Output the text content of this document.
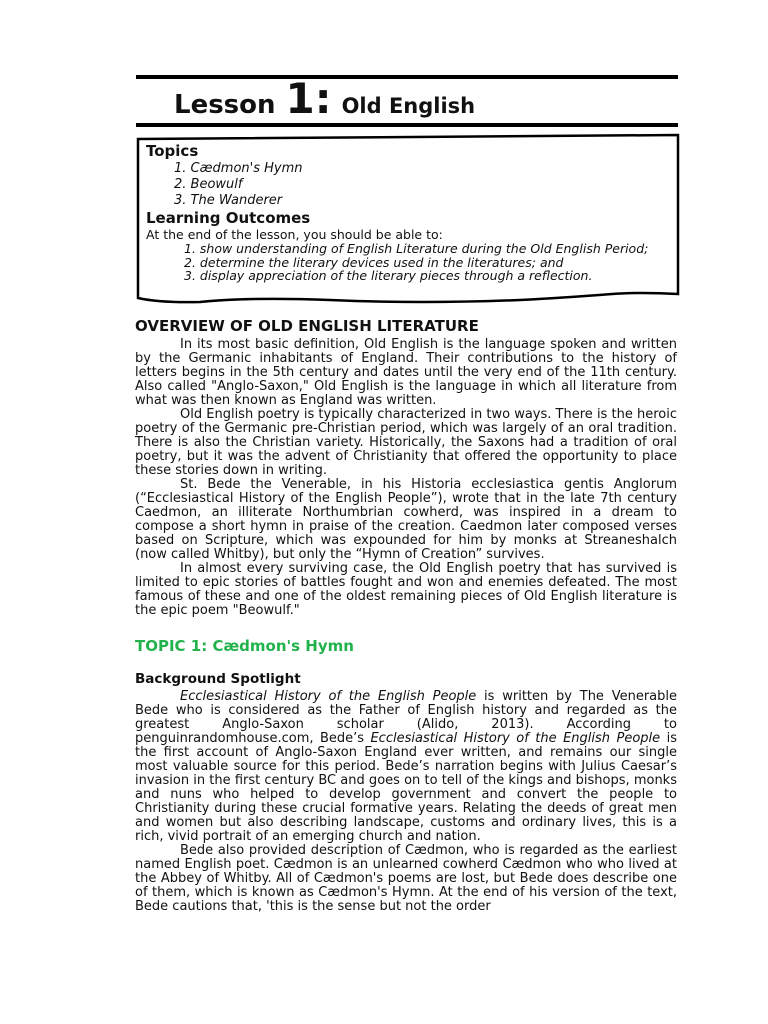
Lesson 1 : Old English
Topics
1. Cædmon's Hymn
2. Beowulf
3. The Wanderer
Learning Outcomes
At the end of the lesson, you should be able to:
1. show understanding of English Literature during the Old English Period;
2. determine the literary devices used in the literatures; and
3. display appreciation of the literary pieces through a reflection.
OVERVIEW OF OLD ENGLISH LITERATURE

In its most basic definition, Old English is the language spoken and written by the Germanic inhabitants of England. Their contributions to the history of letters begins in the 5th century and dates until the very end of the 11th century. Also called "Anglo-Saxon," Old English is the language in which all literature from what was then known as England was written.

Old English poetry is typically characterized in two ways. There is the heroic poetry of the Germanic pre-Christian period, which was largely of an oral tradition. There is also the Christian variety. Historically, the Saxons had a tradition of oral poetry, but it was the advent of Christianity that offered the opportunity to place these stories down in writing.

St. Bede the Venerable, in his Historia ecclesiastica gentis Anglorum (“Ecclesiastical History of the English People”), wrote that in the late 7th century Caedmon, an illiterate Northumbrian cowherd, was inspired in a dream to compose a short hymn in praise of the creation. Caedmon later composed verses based on Scripture, which was expounded for him by monks at Streaneshalch (now called Whitby), but only the “Hymn of Creation” survives.

In almost every surviving case, the Old English poetry that has survived is limited to epic stories of battles fought and won and enemies defeated. The most famous of these and one of the oldest remaining pieces of Old English literature is the epic poem "Beowulf."

TOPIC 1: Cædmon's Hymn
Background Spotlight

Ecclesiastical History of the English People is written by The Venerable Bede who is considered as the Father of English history and regarded as the greatest Anglo-Saxon scholar (Alido, 2013). According to penguinrandomhouse.com, Bede’s Ecclesiastical History of the English People is the first account of Anglo-Saxon England ever written, and remains our single most valuable source for this period. Bede’s narration begins with Julius Caesar’s invasion in the first century BC and goes on to tell of the kings and bishops, monks and nuns who helped to develop government and convert the people to Christianity during these crucial formative years. Relating the deeds of great men and women but also describing landscape, customs and ordinary lives, this is a rich, vivid portrait of an emerging church and nation.

Bede also provided description of Cædmon, who is regarded as the earliest named English poet. Cædmon is an unlearned cowherd Cædmon who who lived at the Abbey of Whitby. All of Cædmon's poems are lost, but Bede does describe one of them, which is known as Cædmon's Hymn. At the end of his version of the text, Bede cautions that, 'this is the sense but not the order
